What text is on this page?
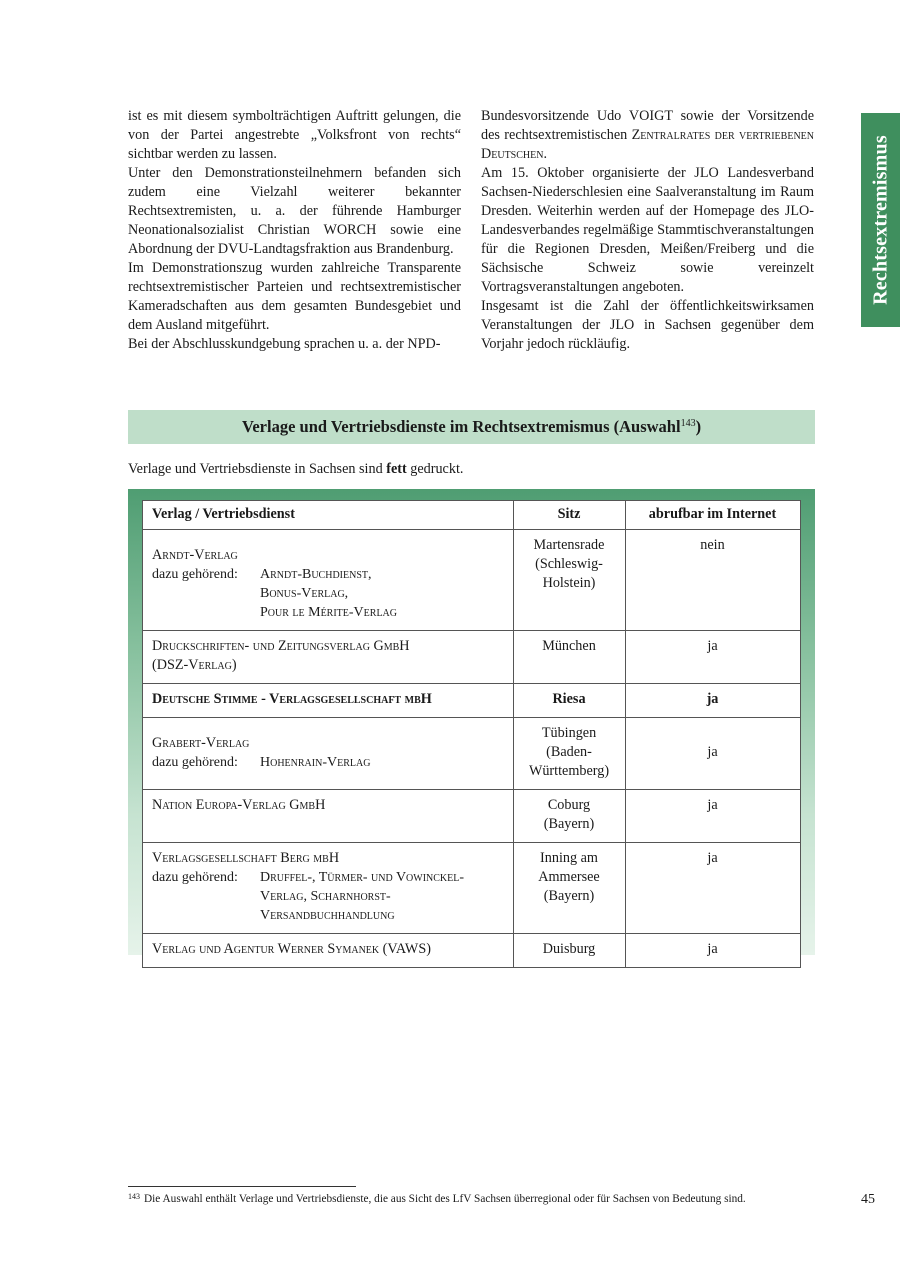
ist es mit diesem symbolträchtigen Auftritt gelungen, die von der Partei angestrebte „Volksfront von rechts“ sichtbar werden zu lassen.

Unter den Demonstrationsteilnehmern befanden sich zudem eine Vielzahl weiterer bekannter Rechtsextremisten, u. a. der führende Hamburger Neonationalsozialist Christian WORCH sowie eine Abordnung der DVU-Landtagsfraktion aus Brandenburg.

Im Demonstrationszug wurden zahlreiche Transparente rechtsextremistischer Parteien und rechtsextremistischer Kameradschaften aus dem gesamten Bundesgebiet und dem Ausland mitgeführt.

Bei der Abschlusskundgebung sprachen u. a. der NPD-

Bundesvorsitzende Udo VOIGT sowie der Vorsitzende des rechtsextremistischen Zentralrates der vertriebenen Deutschen.

Am 15. Oktober organisierte der JLO Landesverband Sachsen-Niederschlesien eine Saalveranstaltung im Raum Dresden. Weiterhin werden auf der Homepage des JLO-Landesverbandes regelmäßige Stammtischveranstaltungen für die Regionen Dresden, Meißen/Freiberg und die Sächsische Schweiz sowie vereinzelt Vortragsveranstaltungen angeboten.

Insgesamt ist die Zahl der öffentlichkeitswirksamen Veranstaltungen der JLO in Sachsen gegenüber dem Vorjahr jedoch rückläufig.

Rechtsextremismus
Verlage und Vertriebsdienste im Rechtsextremismus (Auswahl$^{143}$)
Verlage und Vertriebsdienste in Sachsen sind fett gedruckt.
Verlag / Vertriebsdienst	Sitz	abrufbar im Internet

Arndt-Verlag
dazu gehörend: Arndt-Buchdienst,
Bonus-Verlag,
Pour le Mérite-Verlag	Martensrade (Schleswig-Holstein)	nein

Druckschriften- und Zeitungsverlag GmbH
(DSZ-Verlag)	München	ja
Deutsche Stimme - Verlagsgesellschaft mbH	Riesa	ja

Grabert-Verlag
dazu gehörend: Hohenrain-Verlag	Tübingen (Baden-Württemberg)	ja
Nation Europa-Verlag GmbH	Coburg (Bayern)	ja

Verlagsgesellschaft Berg mbH
dazu gehörend: Druffel-, Türmer- und Vowinckel-Verlag, Scharnhorst-Versandbuchhandlung	Inning am Ammersee (Bayern)	ja
Verlag und Agentur Werner Symanek (VAWS)	Duisburg	ja
$^{143}$ Die Auswahl enthält Verlage und Vertriebsdienste, die aus Sicht des LfV Sachsen überregional oder für Sachsen von Bedeutung sind.	45
